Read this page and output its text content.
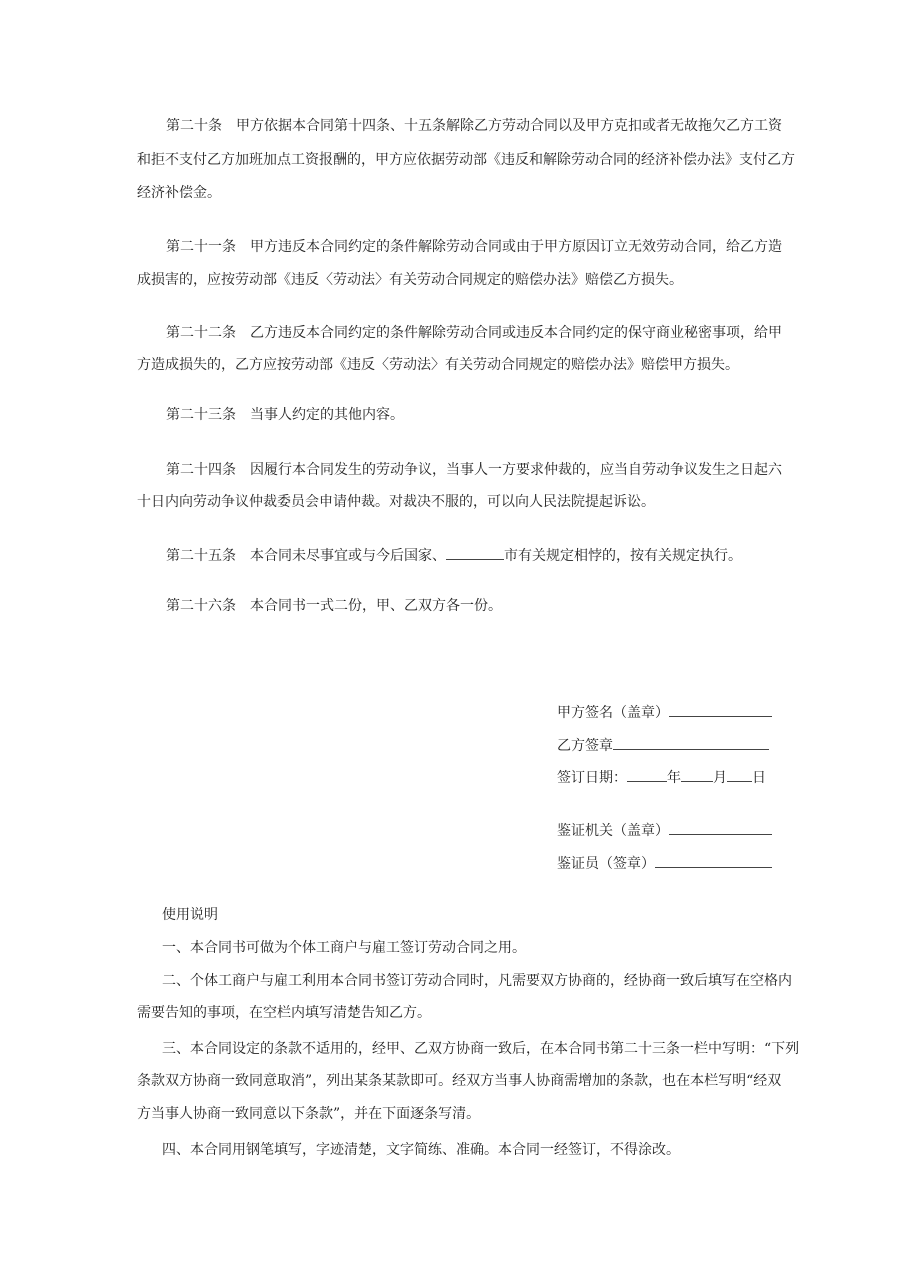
第二十条　甲方依据本合同第十四条、十五条解除乙方劳动合同以及甲方克扣或者无故拖欠乙方工资
和拒不支付乙方加班加点工资报酬的，甲方应依据劳动部《违反和解除劳动合同的经济补偿办法》支付乙方
经济补偿金。
第二十一条　甲方违反本合同约定的条件解除劳动合同或由于甲方原因订立无效劳动合同，给乙方造
成损害的，应按劳动部《违反〈劳动法〉有关劳动合同规定的赔偿办法》赔偿乙方损失。
第二十二条　乙方违反本合同约定的条件解除劳动合同或违反本合同约定的保守商业秘密事项，给甲
方造成损失的，乙方应按劳动部《违反〈劳动法〉有关劳动合同规定的赔偿办法》赔偿甲方损失。
第二十三条　当事人约定的其他内容。
第二十四条　因履行本合同发生的劳动争议，当事人一方要求仲裁的，应当自劳动争议发生之日起六
十日内向劳动争议仲裁委员会申请仲裁。对裁决不服的，可以向人民法院提起诉讼。
第二十五条　本合同未尽事宜或与今后国家、	市有关规定相悖的，按有关规定执行。
第二十六条　本合同书一式二份，甲、乙双方各一份。
甲方签名（盖章）
乙方签章
签订日期：	年 月 日
鉴证机关（盖章）
鉴证员（签章）
使用说明
一、本合同书可做为个体工商户与雇工签订劳动合同之用。
二、个体工商户与雇工利用本合同书签订劳动合同时，凡需要双方协商的，经协商一致后填写在空格内
需要告知的事项，在空栏内填写清楚告知乙方。
三、本合同设定的条款不适用的，经甲、乙双方协商一致后，在本合同书第二十三条一栏中写明：“下列
条款双方协商一致同意取消”，列出某条某款即可。经双方当事人协商需增加的条款，也在本栏写明“经双
方当事人协商一致同意以下条款”，并在下面逐条写清。
四、本合同用钢笔填写，字迹清楚，文字简练、准确。本合同一经签订，不得涂改。
